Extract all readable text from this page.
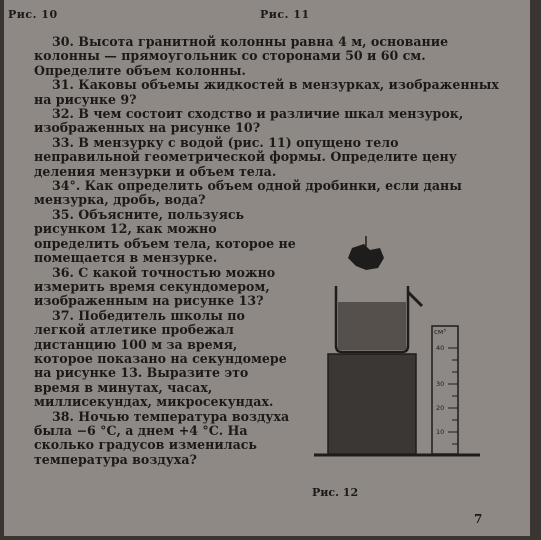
Рис. 10	Рис. 11

30. Высота гранитной колонны равна 4 м, основание колонны — прямоугольник со сторонами 50 и 60 см. Определите объем колонны.

31. Каковы объемы жидкостей в мензурках, изображенных на рисунке 9?

32. В чем состоит сходство и различие шкал мензурок, изображенных на рисунке 10?

33. В мензурку с водой (рис. 11) опущено тело неправильной геометрической формы. Определите цену деления мензурки и объем тела.

34°. Как определить объем одной дробинки, если даны мензурка, дробь, вода?

35. Объясните, пользуясь рисунком 12, как можно определить объем тела, которое не помещается в мензурке.

36. С какой точностью можно измерить время секундомером, изображенным на рисунке 13?

37. Победитель школы по легкой атлетике пробежал дистанцию 100 м за время, которое показано на секундомере на рисунке 13. Выразите это время в минутах, часах, миллисекундах, микросекундах.

38. Ночью температура воздуха была −6 °С, а днем +4 °С. На сколько градусов изменилась температура воздуха?

см³
40
30
20
10
Рис. 12
7
